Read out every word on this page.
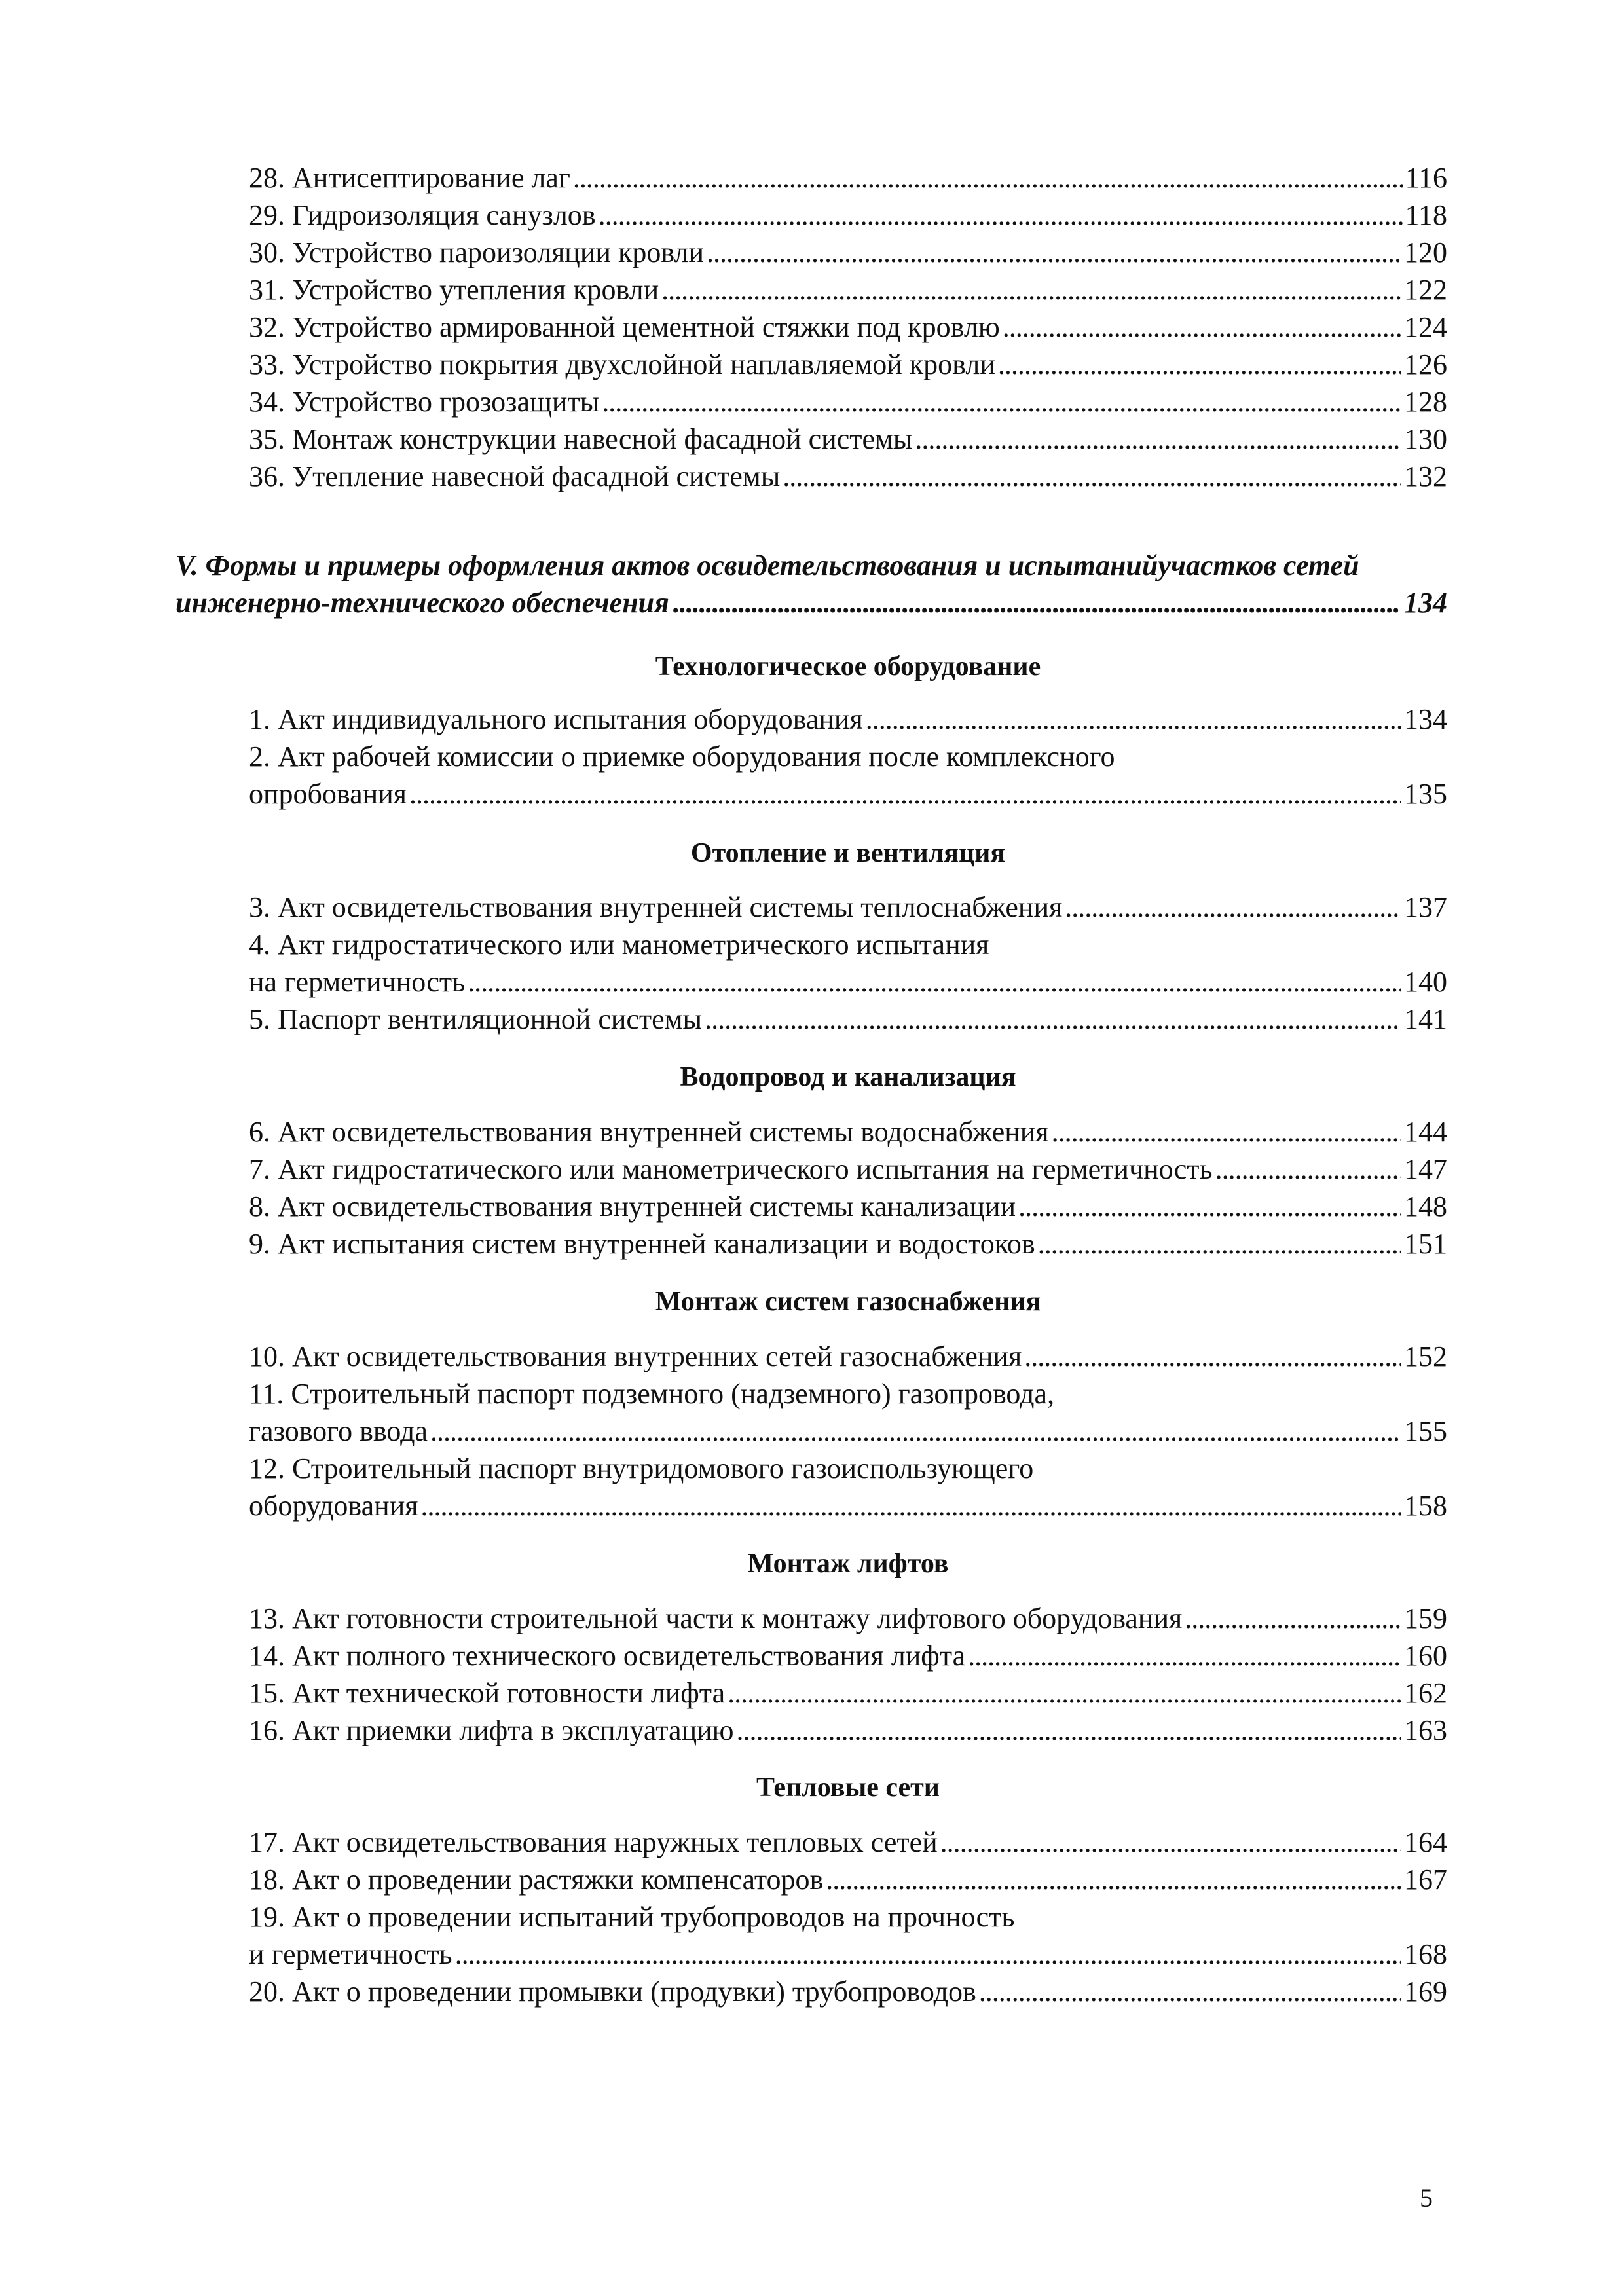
28. Антисептирование лаг . . .	116
29. Гидроизоляция санузлов . . .	118
30. Устройство пароизоляции кровли . . .	120
31. Устройство утепления кровли . . .	122
32. Устройство армированной цементной стяжки под кровлю . . .	124
33. Устройство покрытия двухслойной наплавляемой кровли . . .	126
34. Устройство грозозащиты . . .	128
35. Монтаж конструкции навесной фасадной системы . . .	130
36. Утепление навесной фасадной системы . . .	132
V. Формы и примеры оформления актов освидетельствования и испытанийучастков сетей
инженерно-технического обеспечения . . .	134
Технологическое оборудование
1. Акт индивидуального испытания оборудования . . .	134
2. Акт рабочей комиссии о приемке оборудования после комплексного
опробования . . .	135
Отопление и вентиляция
3. Акт освидетельствования внутренней системы теплоснабжения . . .	137
4. Акт гидростатического или манометрического испытания
на герметичность . . .	140
5. Паспорт вентиляционной системы . . .	141
Водопровод и канализация
6. Акт освидетельствования внутренней системы водоснабжения . . .	144
7. Акт гидростатического или манометрического испытания на герметичность . . .	147
8. Акт освидетельствования внутренней системы канализации . . .	148
9. Акт испытания систем внутренней канализации и водостоков . . .	151
Монтаж систем газоснабжения
10. Акт освидетельствования внутренних сетей газоснабжения . . .	152
11. Строительный паспорт подземного (надземного) газопровода,
газового ввода . . .	155
12. Строительный паспорт внутридомового газоиспользующего
оборудования . . .	158
Монтаж лифтов
13. Акт готовности строительной части к монтажу лифтового оборудования . . .	159
14. Акт полного технического освидетельствования лифта . . .	160
15. Акт технической готовности лифта . . .	162
16. Акт приемки лифта в эксплуатацию . . .	163
Тепловые сети
17. Акт освидетельствования наружных тепловых сетей . . .	164
18. Акт о проведении растяжки компенсаторов . . .	167
19. Акт о проведении испытаний трубопроводов на прочность
и герметичность . . .	168
20. Акт о проведении промывки (продувки) трубопроводов . . .	169
5
